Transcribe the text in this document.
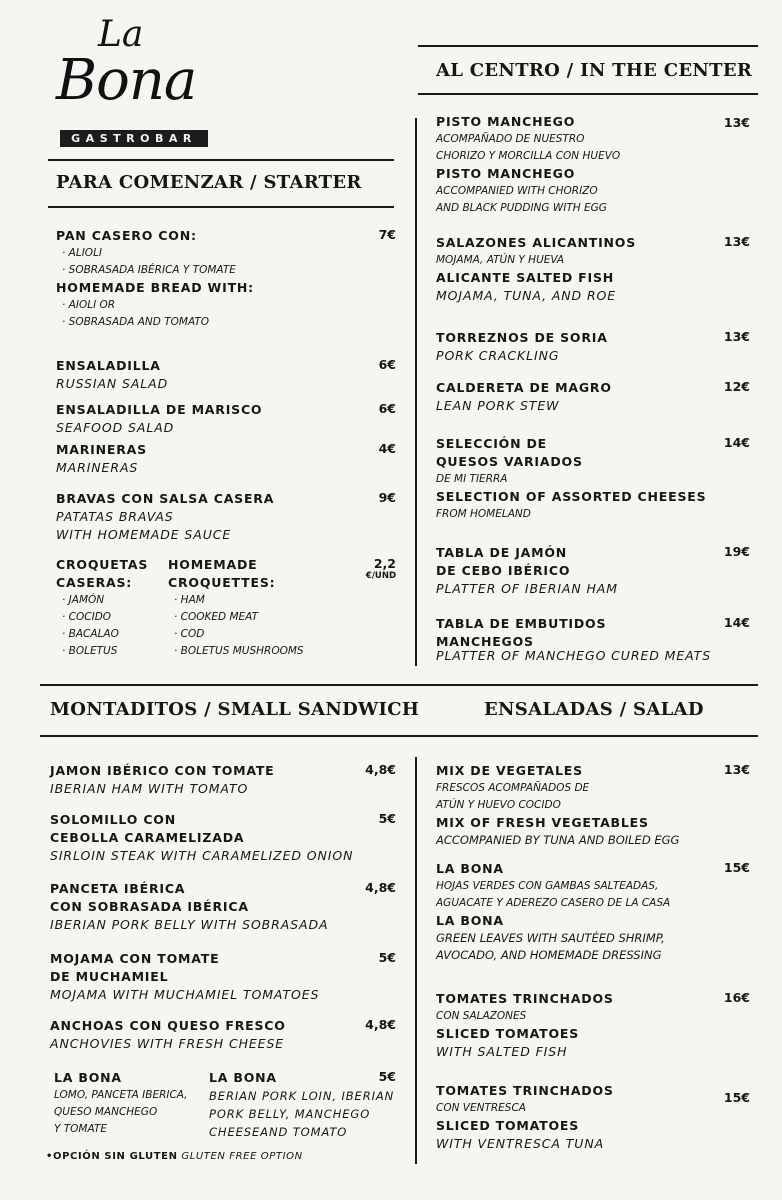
La
Bona
GASTROBAR
PARA COMENZAR / STARTER
PAN CASERO CON:
· ALIOLI
· SOBRASADA IBÉRICA Y TOMATE
HOMEMADE BREAD WITH:
· AIOLI OR
· SOBRASADA AND TOMATO
7€
ENSALADILLA
RUSSIAN SALAD
6€
ENSALADILLA DE MARISCO
SEAFOOD SALAD
6€
MARINERAS
MARINERAS
4€
BRAVAS CON SALSA CASERA
PATATAS BRAVAS
WITH HOMEMADE SAUCE
9€
CROQUETAS
CASERAS:
· JAMÓN
· COCIDO
· BACALAO
· BOLETUS
HOMEMADE
CROQUETTES:
· HAM
· COOKED MEAT
· COD
· BOLETUS MUSHROOMS
2,2
€/UND
AL CENTRO / IN THE CENTER
PISTO MANCHEGO
ACOMPAÑADO DE NUESTRO
CHORIZO Y MORCILLA CON HUEVO
PISTO MANCHEGO
ACCOMPANIED WITH CHORIZO
AND BLACK PUDDING WITH EGG
13€
SALAZONES ALICANTINOS
MOJAMA, ATÚN Y HUEVA
ALICANTE SALTED FISH
MOJAMA, TUNA, AND ROE
13€
TORREZNOS DE SORIA
PORK CRACKLING
13€
CALDERETA DE MAGRO
LEAN PORK STEW
12€
SELECCIÓN DE
QUESOS VARIADOS
DE MI TIERRA
SELECTION OF ASSORTED CHEESES
FROM HOMELAND
14€
TABLA DE JAMÓN
DE CEBO IBÉRICO
PLATTER OF IBERIAN HAM
19€
TABLA DE EMBUTIDOS
MANCHEGOS
PLATTER OF MANCHEGO CURED MEATS
14€
MONTADITOS / SMALL SANDWICH	ENSALADAS / SALAD
JAMON IBÉRICO CON TOMATE
IBERIAN HAM WITH TOMATO
4,8€
SOLOMILLO CON
CEBOLLA CARAMELIZADA
SIRLOIN STEAK WITH CARAMELIZED ONION
5€
PANCETA IBÉRICA
CON SOBRASADA IBÉRICA
IBERIAN PORK BELLY WITH SOBRASADA
4,8€
MOJAMA CON TOMATE
DE MUCHAMIEL
MOJAMA WITH MUCHAMIEL TOMATOES
5€
ANCHOAS CON QUESO FRESCO
ANCHOVIES WITH FRESH CHEESE
4,8€
LA BONA
LOMO, PANCETA IBERICA,
QUESO MANCHEGO
Y TOMATE
LA BONA
BERIAN PORK LOIN, IBERIAN
PORK BELLY, MANCHEGO
CHEESEAND TOMATO
5€
MIX DE VEGETALES
FRESCOS ACOMPAÑADOS DE
ATÚN Y HUEVO COCIDO
MIX OF FRESH VEGETABLES
ACCOMPANIED BY TUNA AND BOILED EGG
13€
LA BONA
HOJAS VERDES CON GAMBAS SALTEADAS,
AGUACATE Y ADEREZO CASERO DE LA CASA
LA BONA
GREEN LEAVES WITH SAUTÉED SHRIMP,
AVOCADO, AND HOMEMADE DRESSING
15€
TOMATES TRINCHADOS
CON SALAZONES
SLICED TOMATOES
WITH SALTED FISH
16€
TOMATES TRINCHADOS
CON VENTRESCA
SLICED TOMATOES
WITH VENTRESCA TUNA
15€
•OPCIÓN SIN GLUTEN GLUTEN FREE OPTION
